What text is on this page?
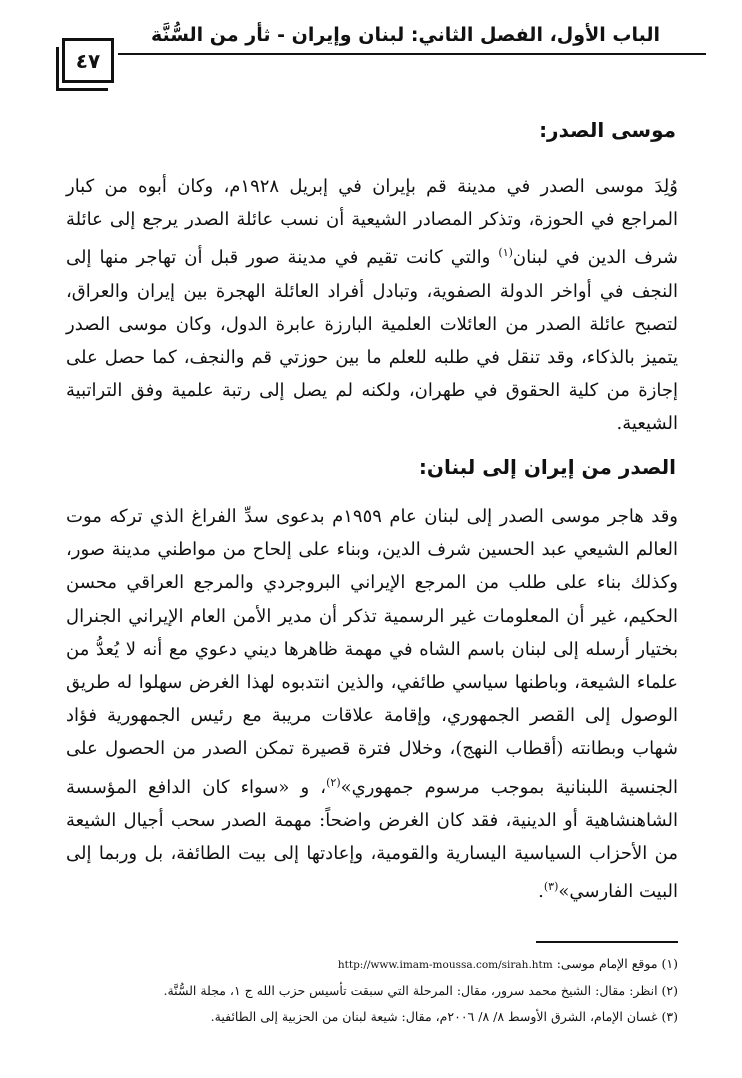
الباب الأول، الفصل الثاني: لبنان وإيران - ثأر من السُّنَّة
٤٧
موسى الصدر:
وُلِدَ موسى الصدر في مدينة قم بإيران في إبريل ١٩٢٨م، وكان أبوه من كبار المراجع في الحوزة، وتذكر المصادر الشيعية أن نسب عائلة الصدر يرجع إلى عائلة شرف الدين في لبنان$^{(١)}$ والتي كانت تقيم في مدينة صور قبل أن تهاجر منها إلى النجف في أواخر الدولة الصفوية، وتبادل أفراد العائلة الهجرة بين إيران والعراق، لتصبح عائلة الصدر من العائلات العلمية البارزة عابرة الدول، وكان موسى الصدر يتميز بالذكاء، وقد تنقل في طلبه للعلم ما بين حوزتي قم والنجف، كما حصل على إجازة من كلية الحقوق في طهران، ولكنه لم يصل إلى رتبة علمية وفق التراتبية الشيعية.
الصدر من إيران إلى لبنان:
وقد هاجر موسى الصدر إلى لبنان عام ١٩٥٩م بدعوى سدِّ الفراغ الذي تركه موت العالم الشيعي عبد الحسين شرف الدين، وبناء على إلحاح من مواطني مدينة صور، وكذلك بناء على طلب من المرجع الإيراني البروجردي والمرجع العراقي محسن الحكيم، غير أن المعلومات غير الرسمية تذكر أن مدير الأمن العام الإيراني الجنرال بختيار أرسله إلى لبنان باسم الشاه في مهمة ظاهرها ديني دعوي مع أنه لا يُعدُّ من علماء الشيعة، وباطنها سياسي طائفي، والذين انتدبوه لهذا الغرض سهلوا له طريق الوصول إلى القصر الجمهوري، وإقامة علاقات مريبة مع رئيس الجمهورية فؤاد شهاب وبطانته (أقطاب النهج)، وخلال فترة قصيرة تمكن الصدر من الحصول على الجنسية اللبنانية بموجب مرسوم جمهوري»$^{(٢)}$، و «سواء كان الدافع المؤسسة الشاهنشاهية أو الدينية، فقد كان الغرض واضحاً: مهمة الصدر سحب أجيال الشيعة من الأحزاب السياسية اليسارية والقومية، وإعادتها إلى بيت الطائفة، بل وربما إلى البيت الفارسي»$^{(٣)}$.
(١) موقع الإمام موسى: http://www.imam-moussa.com/sirah.htm
(٢) انظر: مقال: الشيخ محمد سرور، مقال: المرحلة التي سبقت تأسيس حزب الله ج ١، مجلة السُّنَّة.
(٣) غسان الإمام، الشرق الأوسط ٨/ ٨/ ٢٠٠٦م، مقال: شيعة لبنان من الحزبية إلى الطائفية.
